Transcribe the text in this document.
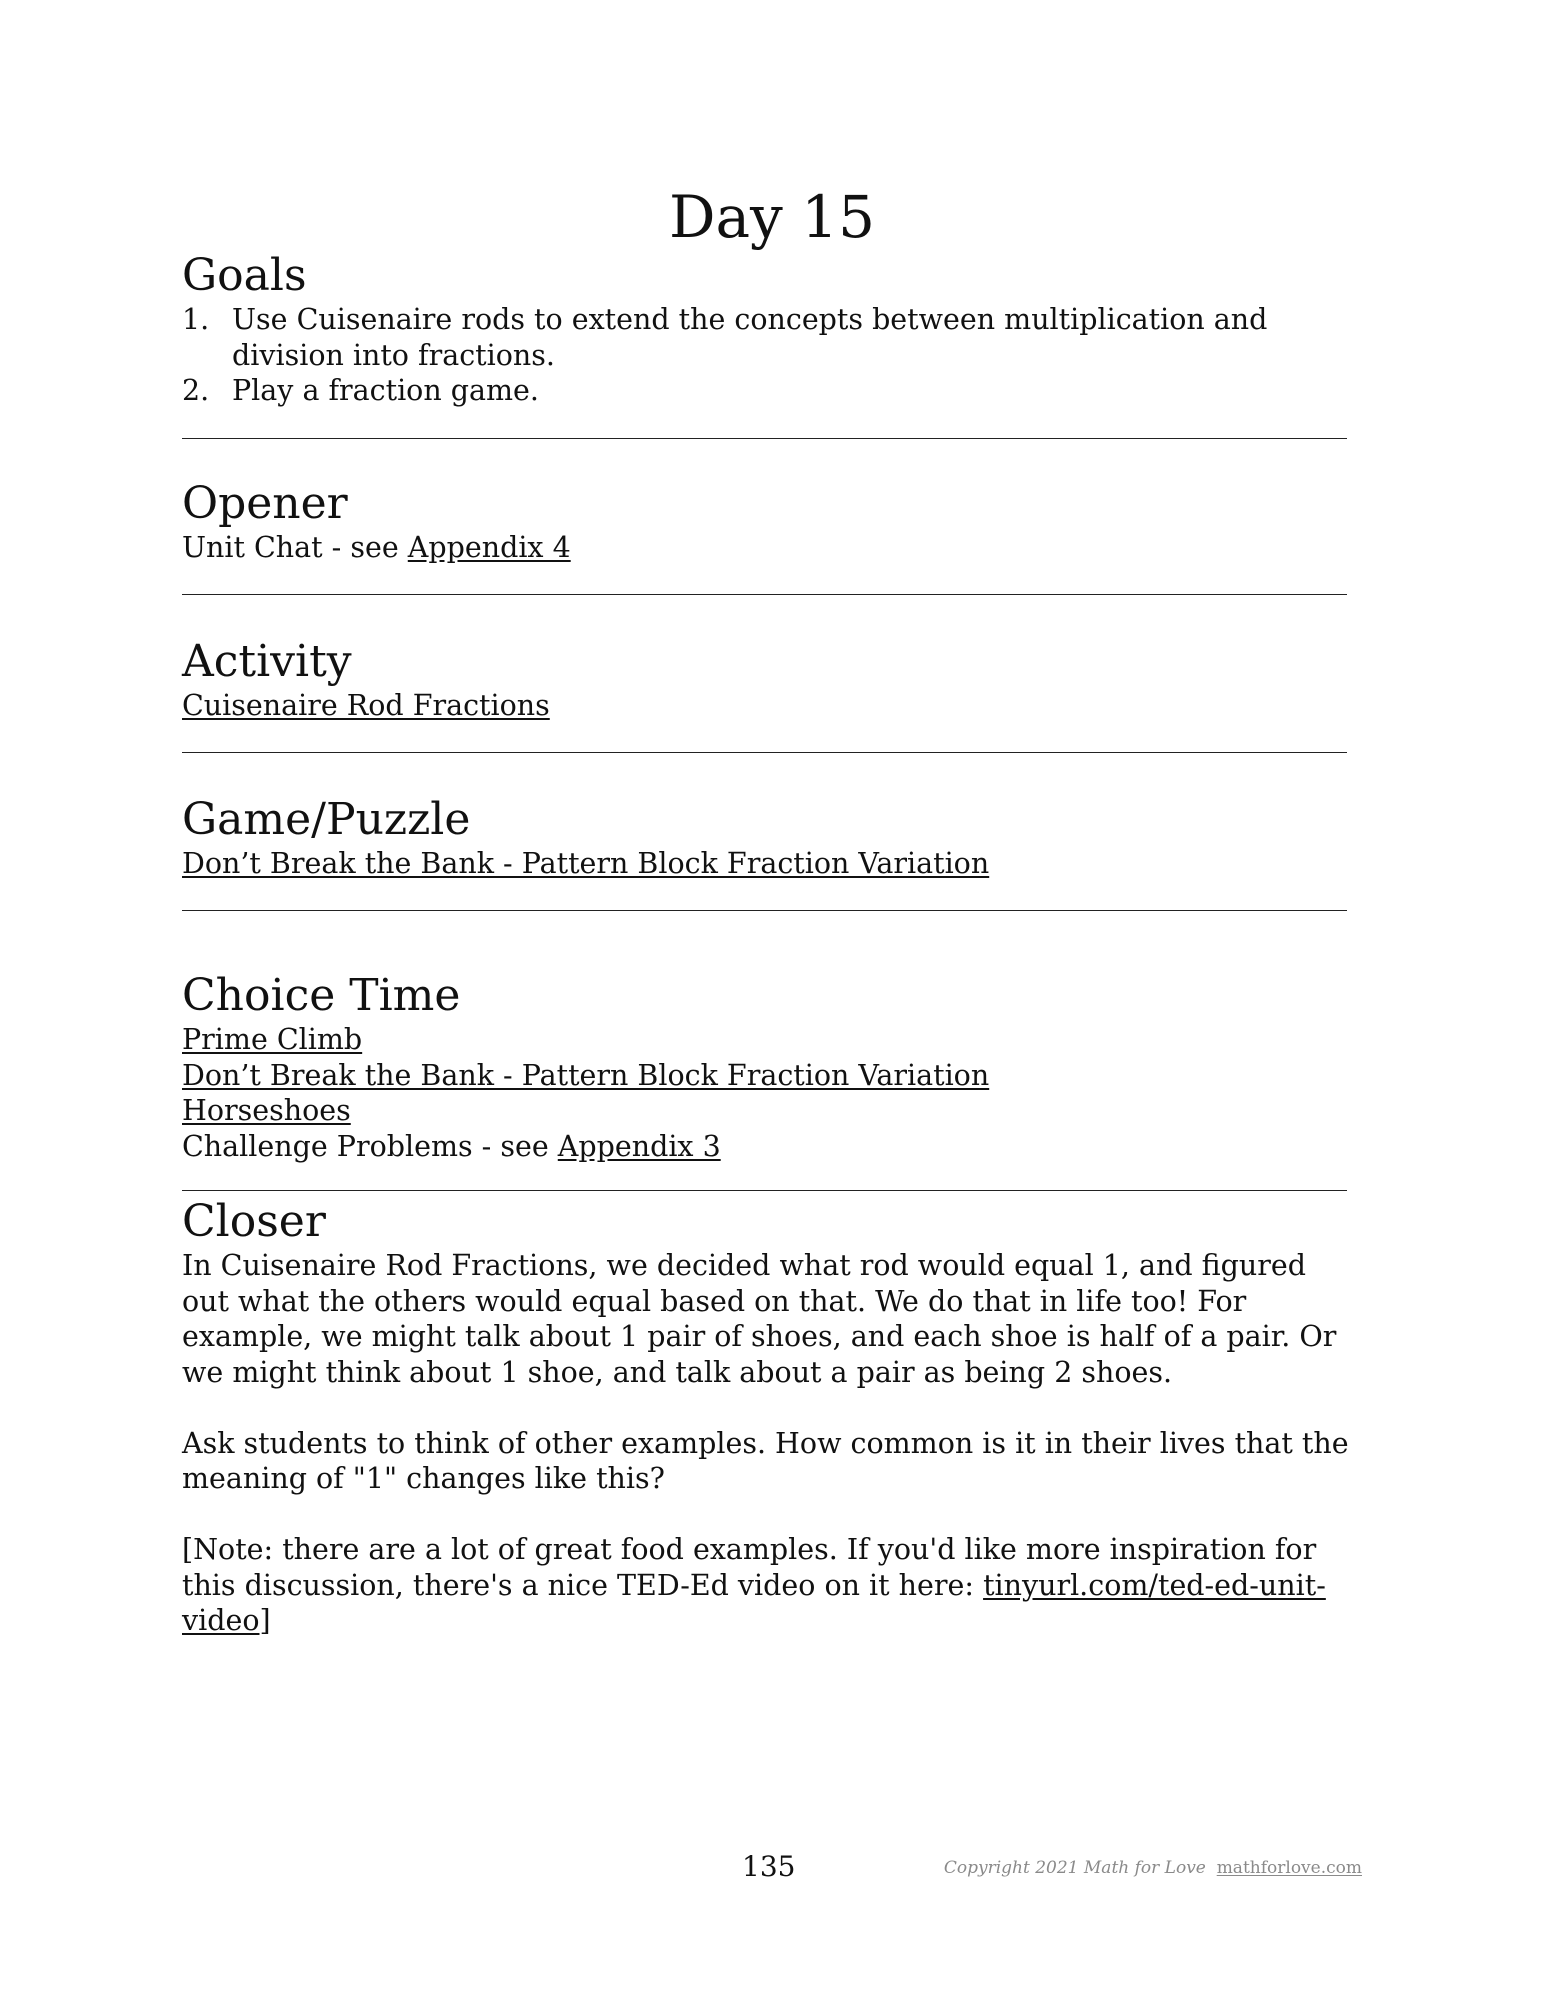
Day 15
Goals
1. Use Cuisenaire rods to extend the concepts between multiplication and division into fractions.
2. Play a fraction game.
Opener
Unit Chat - see Appendix 4
Activity
Cuisenaire Rod Fractions
Game/Puzzle
Don’t Break the Bank - Pattern Block Fraction Variation
Choice Time
Prime Climb
Don’t Break the Bank - Pattern Block Fraction Variation
Horseshoes
Challenge Problems - see Appendix 3
Closer

In Cuisenaire Rod Fractions, we decided what rod would equal 1, and figured out what the others would equal based on that. We do that in life too! For example, we might talk about 1 pair of shoes, and each shoe is half of a pair. Or we might think about 1 shoe, and talk about a pair as being 2 shoes.

Ask students to think of other examples. How common is it in their lives that the meaning of "1" changes like this?

[Note: there are a lot of great food examples. If you'd like more inspiration for this discussion, there's a nice TED-Ed video on it here: tinyurl.com/ted-ed-unit-video]

135	Copyright 2021 Math for Love mathforlove.com
